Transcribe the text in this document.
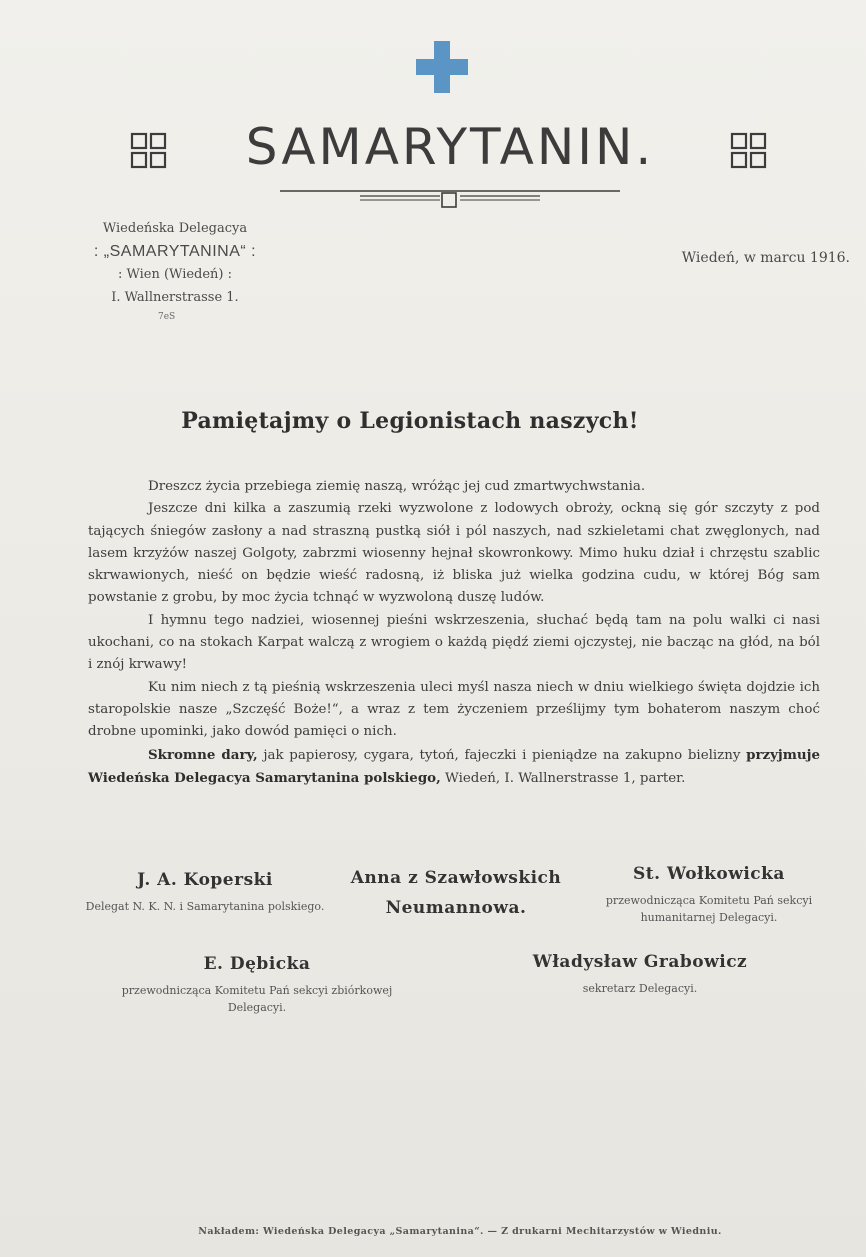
SAMARYTANIN.
Wiedeńska Delegacya
: „SAMARYTANINA“ :
: Wien (Wiedeń) :
I. Wallnerstrasse 1.
7eS
Wiedeń, w marcu 1916.
Pamiętajmy o Legionistach naszych!

Dreszcz życia przebiega ziemię naszą, wróżąc jej cud zmartwychwstania.

Jeszcze dni kilka a zaszumią rzeki wyzwolone z lodowych obroży, ockną się gór szczyty z pod tających śniegów zasłony a nad straszną pustką siół i pól naszych, nad szkieletami chat zwęglonych, nad lasem krzyżów naszej Golgoty, zabrzmi wiosenny hejnał skowronkowy. Mimo huku dział i chrzęstu szablic skrwawionych, nieść on będzie wieść radosną, iż bliska już wielka godzina cudu, w której Bóg sam powstanie z grobu, by moc życia tchnąć w wyzwoloną duszę ludów.

I hymnu tego nadziei, wiosennej pieśni wskrzeszenia, słuchać będą tam na polu walki ci nasi ukochani, co na stokach Karpat walczą z wrogiem o każdą piędź ziemi ojczystej, nie bacząc na głód, na ból i znój krwawy!

Ku nim niech z tą pieśnią wskrzeszenia uleci myśl nasza niech w dniu wielkiego święta dojdzie ich staropolskie nasze „Szczęść Boże!“, a wraz z tem życzeniem prześlijmy tym bohaterom naszym choć drobne upominki, jako dowód pamięci o nich.

Skromne dary, jak papierosy, cygara, tytoń, fajeczki i pieniądze na zakupno bielizny przyjmuje Wiedeńska Delegacya Samarytanina polskiego, Wiedeń, I. Wallnerstrasse 1, parter.

J. A. Koperski
Delegat N. K. N. i Samarytanina polskiego.
Anna z Szawłowskich Neumannowa.
St. Wołkowicka
przewodnicząca Komitetu Pań sekcyi humanitarnej Delegacyi.
E. Dębicka
przewodnicząca Komitetu Pań sekcyi zbiórkowej Delegacyi.
Władysław Grabowicz
sekretarz Delegacyi.
Nakładem: Wiedeńska Delegacya „Samarytanina“. — Z drukarni Mechitarzystów w Wiedniu.
